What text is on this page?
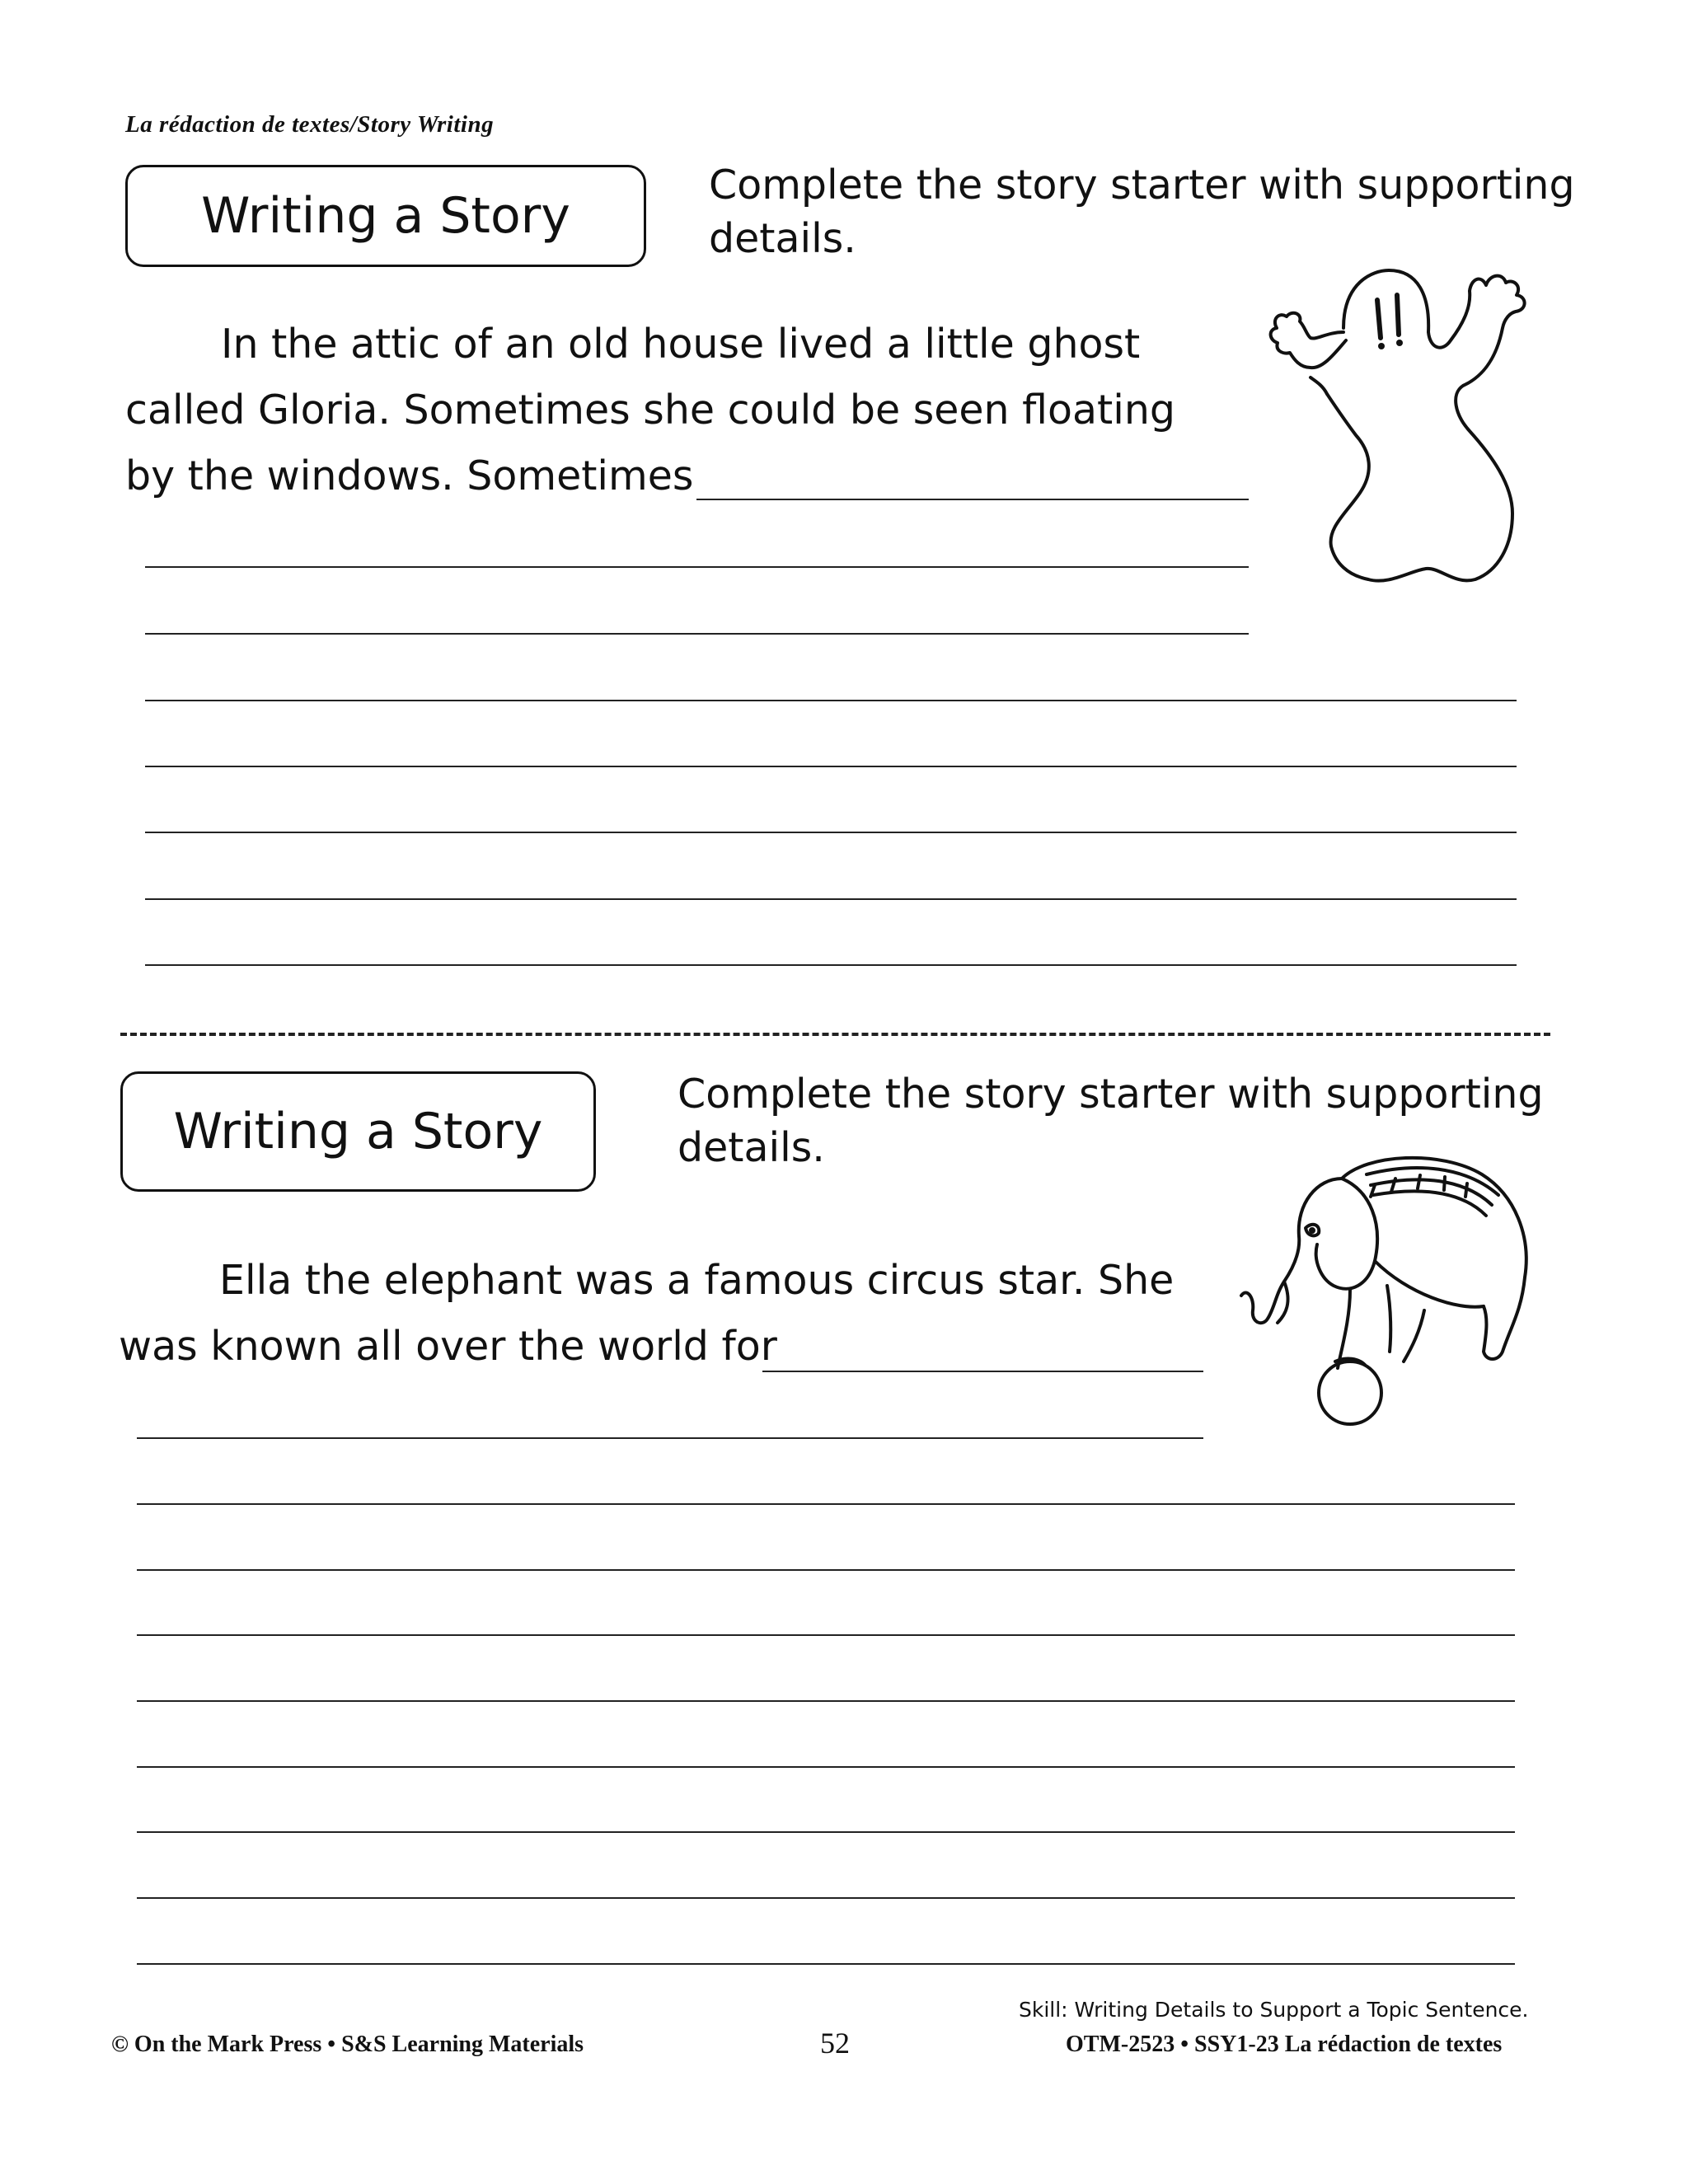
La rédaction de textes/Story Writing
Writing a Story
Complete the story starter with supporting
details.
In the attic of an old house lived a little ghost
called Gloria. Sometimes she could be seen floating
by the windows. Sometimes
Writing a Story
Complete the story starter with supporting
details.
Ella the elephant was a famous circus star. She
was known all over the world for
© On the Mark Press • S&S Learning Materials	52
Skill: Writing Details to Support a Topic Sentence.
OTM-2523 • SSY1-23 La rédaction de textes
